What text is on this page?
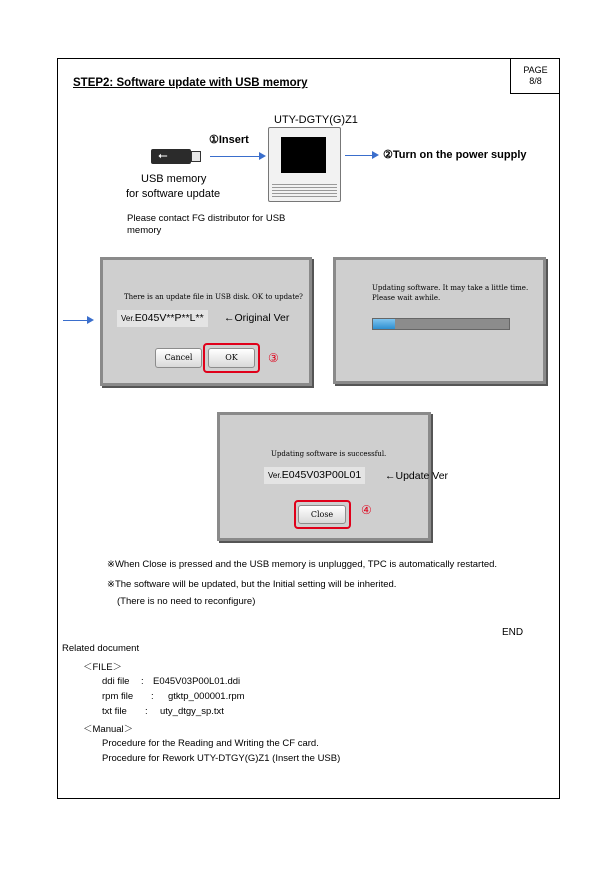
PAGE
8/8
STEP2: Software update with USB memory
UTY-DGTY(G)Z1
①Insert
⭠	②Turn on the power supply
USB memory
for software update
Please contact FG distributor for USB
memory
There is an update file in USB disk. OK to update?
Ver.E045V**P**L**	←Original Ver
Cancel	OK	③
Updating software. It may take a little time.
Please wait awhile.
Updating software is successful.
Ver.E045V03P00L01	←Update Ver
Close	④
※When Close is pressed and the USB memory is unplugged, TPC is automatically restarted.
※The software will be updated, but the Initial setting will be inherited.
(There is no need to reconfigure)
END
Related document
＜FILE＞
ddi file : E045V03P00L01.ddi
rpm file : gtktp_000001.rpm
txt file : uty_dtgy_sp.txt
＜Manual＞
Procedure for the Reading and Writing the CF card.
Procedure for Rework UTY-DTGY(G)Z1 (Insert the USB)
